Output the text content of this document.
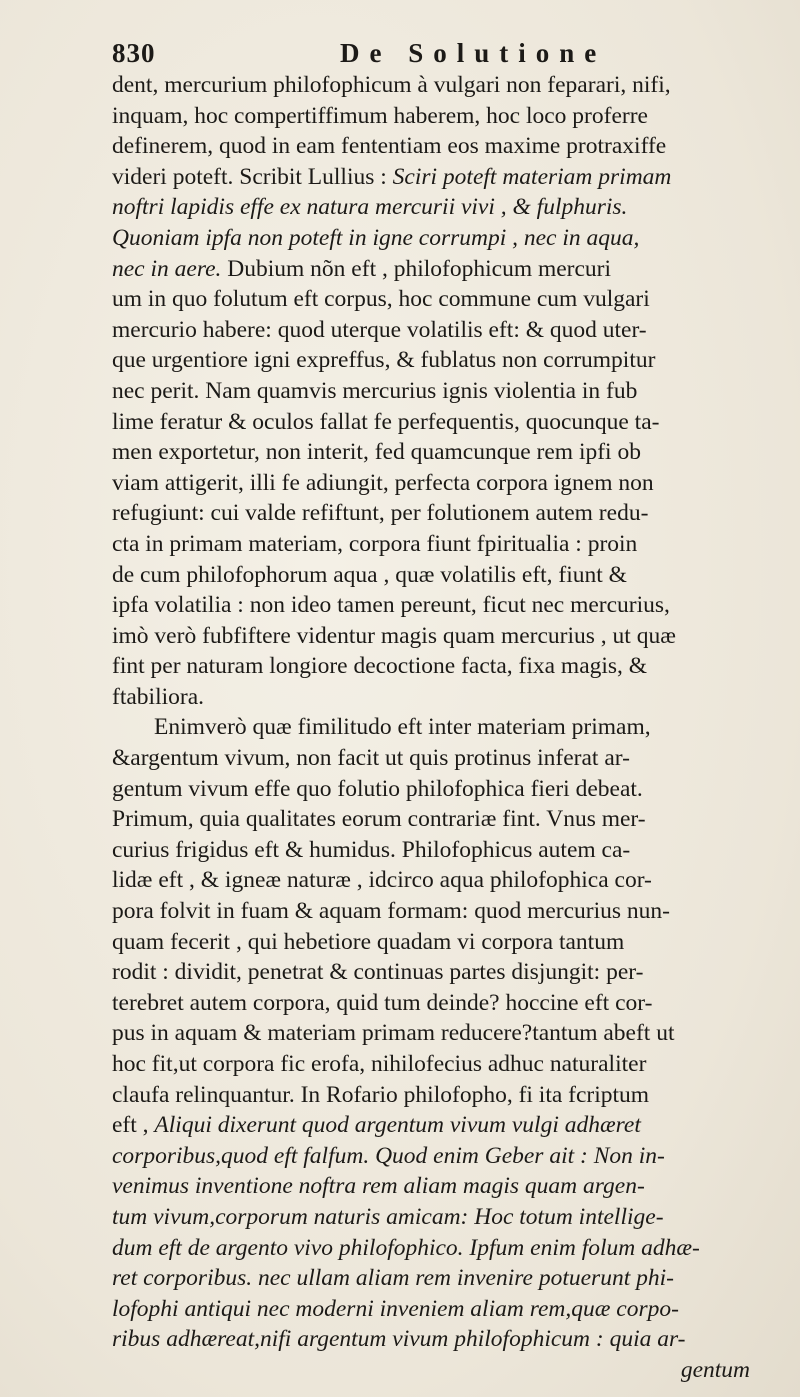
830	De Solutione
dent, mercurium philofophicum à vulgari non feparari, nifi,
inquam, hoc compertiffimum haberem, hoc loco proferre
definerem, quod in eam fententiam eos maxime protraxiffe
videri poteft. Scribit Lullius : Sciri poteft materiam primam
noftri lapidis effe ex natura mercurii vivi , & fulphuris.
Quoniam ipfa non poteft in igne corrumpi , nec in aqua,
nec in aere. Dubium nõn eft , philofophicum mercuri
um in quo folutum eft corpus, hoc commune cum vulgari
mercurio habere: quod uterque volatilis eft: & quod uter-
que urgentiore igni expreffus, & fublatus non corrumpitur
nec perit. Nam quamvis mercurius ignis violentia in fub
lime feratur & oculos fallat fe perfequentis, quocunque ta-
men exportetur, non interit, fed quamcunque rem ipfi ob
viam attigerit, illi fe adiungit, perfecta corpora ignem non
refugiunt: cui valde refiftunt, per folutionem autem redu-
cta in primam materiam, corpora fiunt fpiritualia : proin
de cum philofophorum aqua , quæ volatilis eft, fiunt &
ipfa volatilia : non ideo tamen pereunt, ficut nec mercurius,
imò verò fubfiftere videntur magis quam mercurius , ut quæ
fint per naturam longiore decoctione facta, fixa magis, &
ftabiliora.
Enimverò quæ fimilitudo eft inter materiam primam,
&argentum vivum, non facit ut quis protinus inferat ar-
gentum vivum effe quo folutio philofophica fieri debeat.
Primum, quia qualitates eorum contrariæ fint. Vnus mer-
curius frigidus eft & humidus. Philofophicus autem ca-
lidæ eft , & igneæ naturæ , idcirco aqua philofophica cor-
pora folvit in fuam & aquam formam: quod mercurius nun-
quam fecerit , qui hebetiore quadam vi corpora tantum
rodit : dividit, penetrat & continuas partes disjungit: per-
terebret autem corpora, quid tum deinde? hoccine eft cor-
pus in aquam & materiam primam reducere?tantum abeft ut
hoc fit,ut corpora fic erofa, nihilofecius adhuc naturaliter
claufa relinquantur. In Rofario philofopho, fi ita fcriptum
eft , Aliqui dixerunt quod argentum vivum vulgi adhæret
corporibus,quod eft falfum. Quod enim Geber ait : Non in-
venimus inventione noftra rem aliam magis quam argen-
tum vivum,corporum naturis amicam: Hoc totum intellige-
dum eft de argento vivo philofophico. Ipfum enim folum adhæ-
ret corporibus. nec ullam aliam rem invenire potuerunt phi-
lofophi antiqui nec moderni inveniem aliam rem,quæ corpo-
ribus adhæreat,nifi argentum vivum philofophicum : quia ar-
gentum
